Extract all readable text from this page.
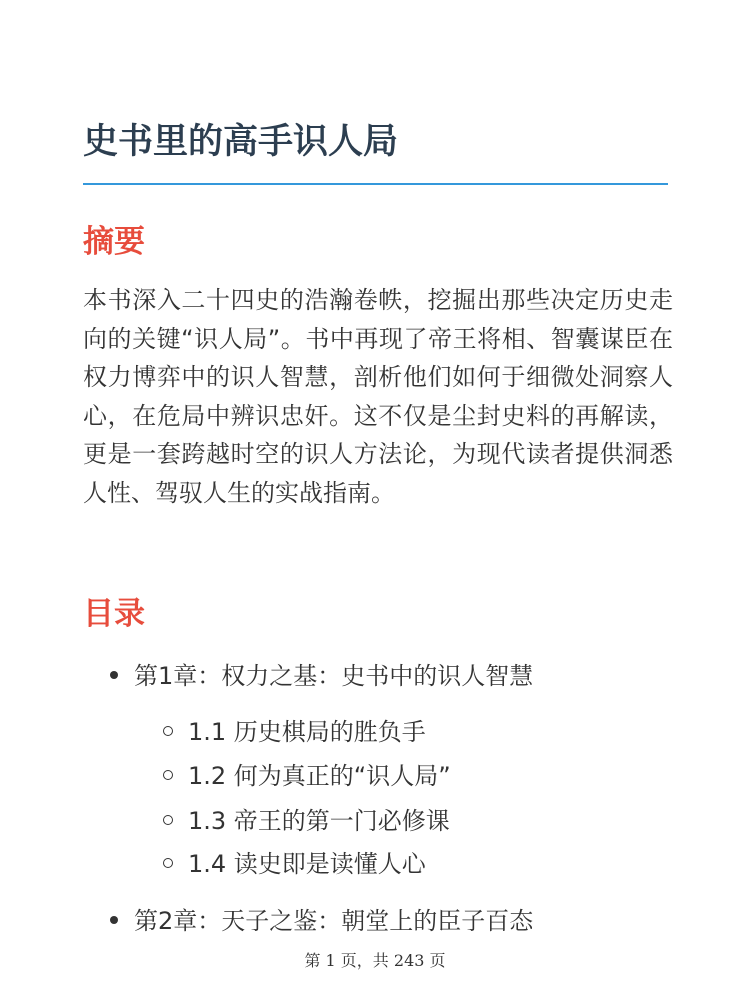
史书里的高手识人局
摘要

本书深入二十四史的浩瀚卷帙，挖掘出那些决定历史走向的关键“识人局”。书中再现了帝王将相、智囊谋臣在权力博弈中的识人智慧，剖析他们如何于细微处洞察人心，在危局中辨识忠奸。这不仅是尘封史料的再解读，更是一套跨越时空的识人方法论，为现代读者提供洞悉人性、驾驭人生的实战指南。

目录
第1章：权力之基：史书中的识人智慧
1.1 历史棋局的胜负手
1.2 何为真正的“识人局”
1.3 帝王的第一门必修课
1.4 读史即是读懂人心
第2章：天子之鉴：朝堂上的臣子百态
第 1 页，共 243 页
